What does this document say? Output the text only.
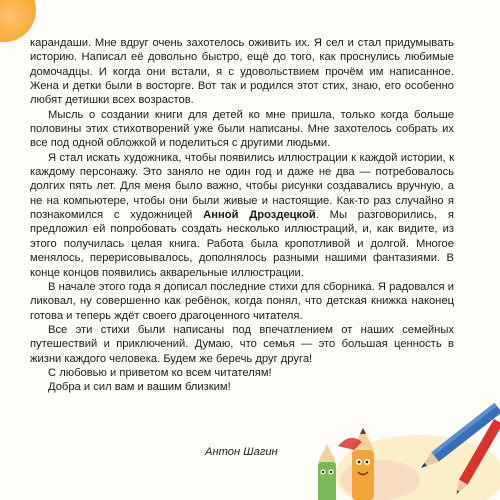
карандаши. Мне вдруг очень захотелось оживить их. Я сел и стал придумывать историю. Написал её довольно быстро, ещё до того, как проснулись любимые домочадцы. И когда они встали, я с удовольствием прочём им написанное. Жена и детки были в восторге. Вот так и родился этот стих, знаю, его особенно любят детишки всех возрастов.

Мысль о создании книги для детей ко мне пришла, только когда больше половины этих стихотворений уже были написаны. Мне захотелось собрать их все под одной обложкой и поделиться с другими людьми.

Я стал искать художника, чтобы появились иллюстрации к каждой истории, к каждому персонажу. Это заняло не один год и даже не два — потребовалось долгих пять лет. Для меня было важно, чтобы рисунки создавались вручную, а не на компьютере, чтобы они были живые и настоящие. Как-то раз случайно я познакомился с художницей Анной Дроздецкой. Мы разговорились, я предложил ей попробовать создать несколько иллюстраций, и, как видите, из этого получилась целая книга. Работа была кропотливой и долгой. Многое менялось, перерисовывалось, дополнялось разными нашими фантазиями. В конце концов появились акварельные иллюстрации.

В начале этого года я дописал последние стихи для сборника. Я радовался и ликовал, ну совершенно как ребёнок, когда понял, что детская книжка наконец готова и теперь ждёт своего драгоценного читателя.

Все эти стихи были написаны под впечатлением от наших семейных путешествий и приключений. Думаю, что семья — это большая ценность в жизни каждого человека. Будем же беречь друг друга!

С любовью и приветом ко всем читателям!

Добра и сил вам и вашим близким!

Антон Шагин
